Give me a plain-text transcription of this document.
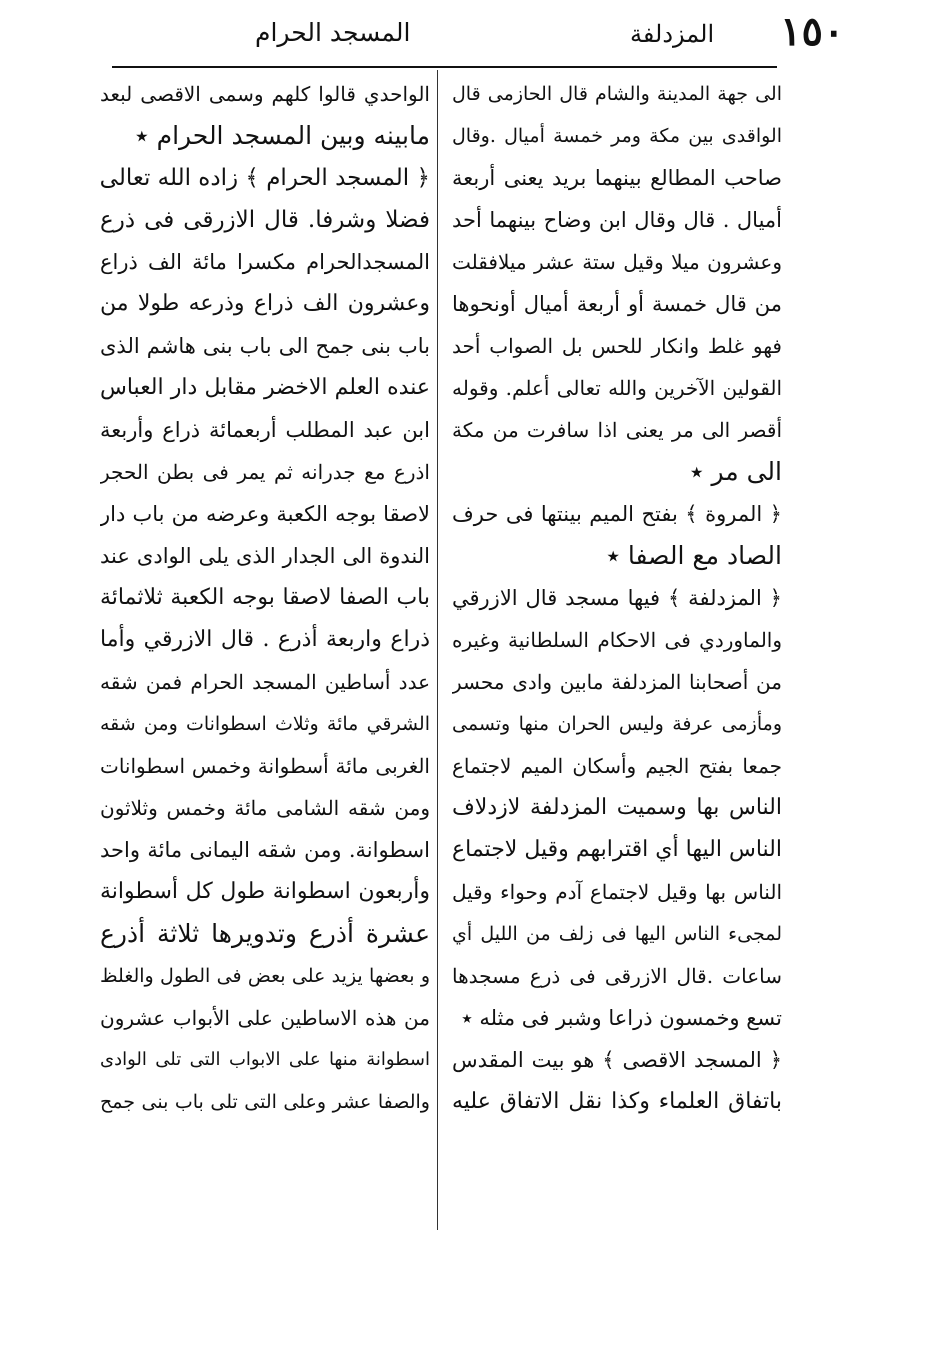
المسجد الحرام	المزدلفة ١٥٠
الى جهة المدينة والشام قال الحازمى قال
الواقدى بين مكة ومر خمسة أميال .وقال
صاحب المطالع بينهما بريد يعنى أربعة
أميال . قال وقال ابن وضاح بينهما أحد
وعشرون ميلا وقيل ستة عشر ميلافقلت
من قال خمسة أو أربعة أميال أونحوها
فهو غلط وانكار للحس بل الصواب أحد
القولين الآخرين والله تعالى أعلم. وقوله
أقصر الى مر يعنى اذا سافرت من مكة
الى مر ٭
﴿ المروة ﴾ بفتح الميم بينتها فى حرف
الصاد مع الصفا ٭
﴿ المزدلفة ﴾ فيها مسجد قال الازرقي
والماوردي فى الاحكام السلطانية وغيره
من أصحابنا المزدلفة مابين وادى محسر
ومأزمى عرفة وليس الحران منها وتسمى
جمعا بفتح الجيم وأسكان الميم لاجتماع
الناس بها وسميت المزدلفة لازدلاف
الناس اليها أي اقترابهم وقيل لاجتماع
الناس بها وقيل لاجتماع آدم وحواء وقيل
لمجىء الناس اليها فى زلف من الليل أي
ساعات .قال الازرقى فى ذرع مسجدها
تسع وخمسون ذراعا وشبر فى مثله ٭
﴿ المسجد الاقصى ﴾ هو بيت المقدس
باتفاق العلماء وكذا نقل الاتفاق عليه
الواحدي قالوا كلهم وسمى الاقصى لبعد
مابينه وبين المسجد الحرام ٭
﴿ المسجد الحرام ﴾ زاده الله تعالى
فضلا وشرفا. قال الازرقى فى ذرع
المسجدالحرام مكسرا مائة الف ذراع
وعشرون الف ذراع وذرعه طولا من
باب بنى جمح الى باب بنى هاشم الذى
عنده العلم الاخضر مقابل دار العباس
ابن عبد المطلب أربعمائة ذراع وأربعة
اذرع مع جدرانه ثم يمر فى بطن الحجر
لاصقا بوجه الكعبة وعرضه من باب دار
الندوة الى الجدار الذى يلى الوادى عند
باب الصفا لاصقا بوجه الكعبة ثلاثمائة
ذراع واربعة أذرع . قال الازرقي وأما
عدد أساطين المسجد الحرام فمن شقه
الشرقي مائة وثلاث اسطوانات ومن شقه
الغربى مائة أسطوانة وخمس اسطوانات
ومن شقه الشامى مائة وخمس وثلاثون
اسطوانة. ومن شقه اليمانى مائة واحد
وأربعون اسطوانة طول كل أسطوانة
عشرة أذرع وتدويرها ثلاثة أذرع
و بعضها يزيد على بعض فى الطول والغلظ
من هذه الاساطين على الأبواب عشرون
اسطوانة منها على الابواب التى تلى الوادى
والصفا عشر وعلى التى تلى باب بنى جمح
